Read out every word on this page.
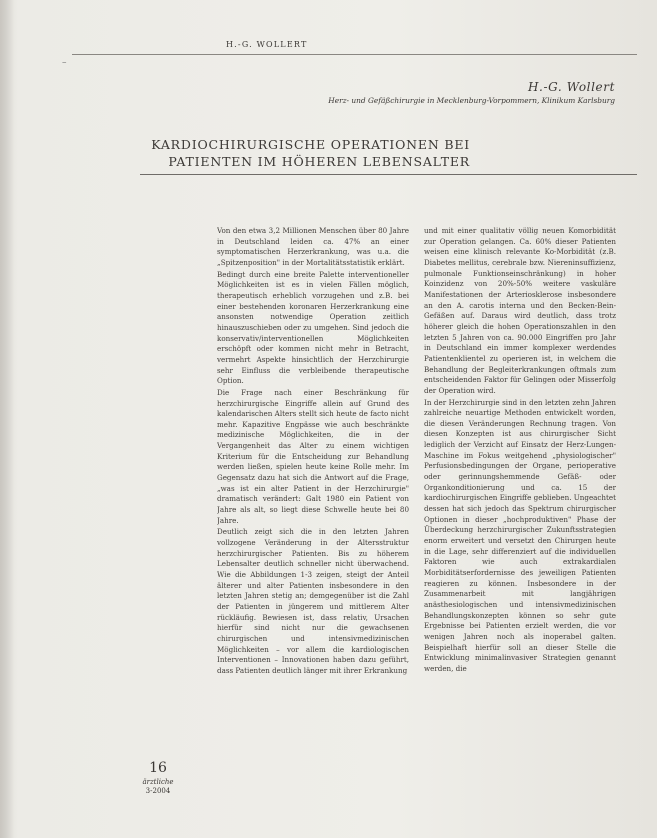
H.-G. WOLLERT
–
H.-G. Wollert
Herz- und Gefäßchirurgie in Mecklenburg-Vorpommern, Klinikum Karlsburg
KARDIOCHIRURGISCHE OPERATIONEN BEI
PATIENTEN IM HÖHEREN LEBENSALTER

Von den etwa 3,2 Millionen Menschen über 80 Jahre in Deutschland leiden ca. 47% an einer symptomatischen Herzerkrankung, was u.a. die „Spitzenposition" in der Mortalitätsstatistik erklärt.

Bedingt durch eine breite Palette interventioneller Möglichkeiten ist es in vielen Fällen möglich, therapeutisch erheblich vorzugehen und z.B. bei einer bestehenden koronaren Herzerkrankung eine ansonsten notwendige Operation zeitlich hinauszuschieben oder zu umgehen. Sind jedoch die konservativ/interventionellen Möglichkeiten erschöpft oder kommen nicht mehr in Betracht, vermehrt Aspekte hinsichtlich der Herzchirurgie sehr Einfluss die verbleibende therapeutische Option.

Die Frage nach einer Beschränkung für herzchirurgische Eingriffe allein auf Grund des kalendarischen Alters stellt sich heute de facto nicht mehr. Kapazitive Engpässe wie auch beschränkte medizinische Möglichkeiten, die in der Vergangenheit das Alter zu einem wichtigen Kriterium für die Entscheidung zur Behandlung werden ließen, spielen heute keine Rolle mehr. Im Gegensatz dazu hat sich die Antwort auf die Frage, „was ist ein alter Patient in der Herzchirurgie" dramatisch verändert: Galt 1980 ein Patient von Jahre als alt, so liegt diese Schwelle heute bei 80 Jahre.

Deutlich zeigt sich die in den letzten Jahren vollzogene Veränderung in der Altersstruktur herzchirurgischer Patienten. Bis zu höherem Lebensalter deutlich schneller nicht überwachend. Wie die Abbildungen 1-3 zeigen, steigt der Anteil älterer und alter Patienten insbesondere in den letzten Jahren stetig an; demgegenüber ist die Zahl der Patienten in jüngerem und mittlerem Alter rückläufig. Bewiesen ist, dass relativ, Ursachen hierfür sind nicht nur die gewachsenen chirurgischen und intensivmedizinischen Möglichkeiten – vor allem die kardiologischen Interventionen – Innovationen haben dazu geführt, dass Patienten deutlich länger mit ihrer Erkrankung

und mit einer qualitativ völlig neuen Komorbidität zur Operation gelangen. Ca. 60% dieser Patienten weisen eine klinisch relevante Ko-Morbidität (z.B. Diabetes mellitus, cerebrale bzw. Niereninsuffizienz, pulmonale Funktionseinschränkung) in hoher Koinzidenz von 20%-50% weitere vaskuläre Manifestationen der Arteriosklerose insbesondere an den A. carotis interna und den Becken-Bein-Gefäßen auf. Daraus wird deutlich, dass trotz höherer gleich die hohen Operationszahlen in den letzten 5 Jahren von ca. 90.000 Eingriffen pro Jahr in Deutschland ein immer komplexer werdendes Patientenklientel zu operieren ist, in welchem die Behandlung der Begleiterkrankungen oftmals zum entscheidenden Faktor für Gelingen oder Misserfolg der Operation wird.

In der Herzchirurgie sind in den letzten zehn Jahren zahlreiche neuartige Methoden entwickelt worden, die diesen Veränderungen Rechnung tragen. Von diesen Konzepten ist aus chirurgischer Sicht lediglich der Verzicht auf Einsatz der Herz-Lungen-Maschine im Fokus weitgehend „physiologischer" Perfusionsbedingungen der Organe, perioperative oder gerinnungshemmende Gefäß- oder Organkonditionierung und ca. 15 der kardiochirurgischen Eingriffe geblieben. Ungeachtet dessen hat sich jedoch das Spektrum chirurgischer Optionen in dieser „hochproduktiven" Phase der Überdeckung herzchirurgischer Zukunftsstrategien enorm erweitert und versetzt den Chirurgen heute in die Lage, sehr differenziert auf die individuellen Faktoren wie auch extrakardialen Morbiditätserfordernisse des jeweiligen Patienten reagieren zu können. Insbesondere in der Zusammenarbeit mit langjährigen anästhesiologischen und intensivmedizinischen Behandlungskonzepten können so sehr gute Ergebnisse bei Patienten erzielt werden, die vor wenigen Jahren noch als inoperabel galten. Beispielhaft hierfür soll an dieser Stelle die Entwicklung minimalinvasiver Strategien genannt werden, die

16
ärztliche
3-2004
